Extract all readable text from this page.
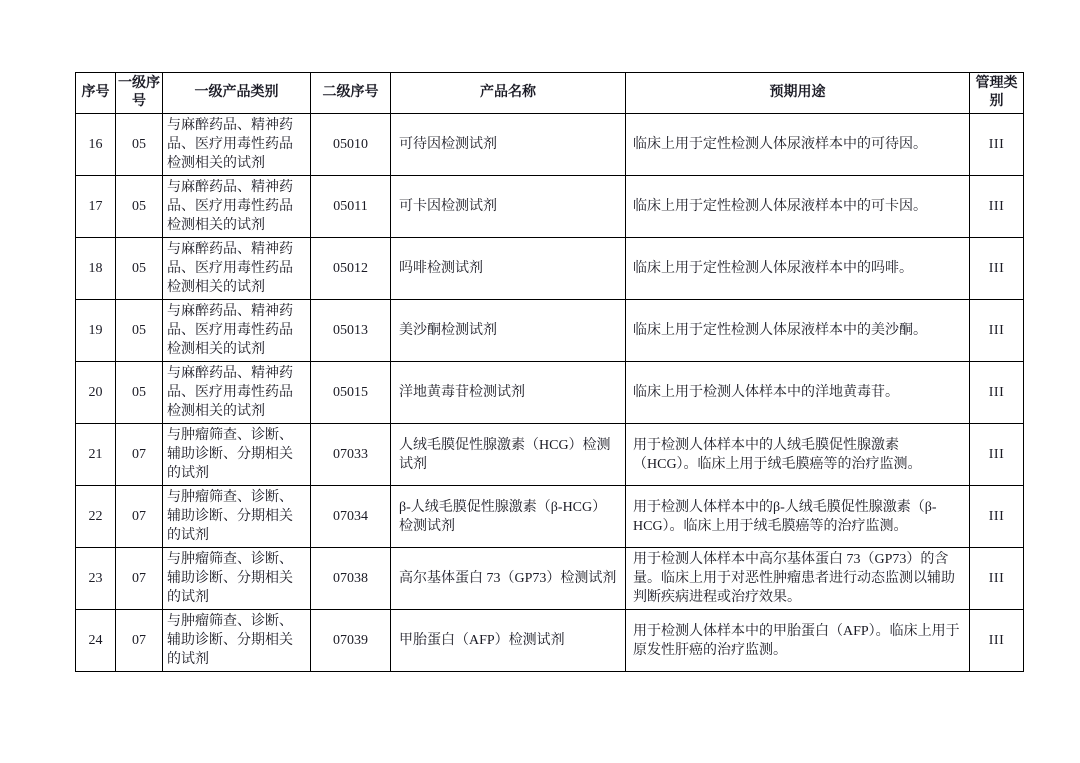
序号	一级序号	一级产品类别	二级序号	产品名称	预期用途	管理类别
16	05	与麻醉药品、精神药品、医疗用毒性药品检测相关的试剂	05010	可待因检测试剂	临床上用于定性检测人体尿液样本中的可待因。	III
17	05	与麻醉药品、精神药品、医疗用毒性药品检测相关的试剂	05011	可卡因检测试剂	临床上用于定性检测人体尿液样本中的可卡因。	III
18	05	与麻醉药品、精神药品、医疗用毒性药品检测相关的试剂	05012	吗啡检测试剂	临床上用于定性检测人体尿液样本中的吗啡。	III
19	05	与麻醉药品、精神药品、医疗用毒性药品检测相关的试剂	05013	美沙酮检测试剂	临床上用于定性检测人体尿液样本中的美沙酮。	III
20	05	与麻醉药品、精神药品、医疗用毒性药品检测相关的试剂	05015	洋地黄毒苷检测试剂	临床上用于检测人体样本中的洋地黄毒苷。	III
21	07	与肿瘤筛查、诊断、辅助诊断、分期相关的试剂	07033	人绒毛膜促性腺激素（HCG）检测试剂	用于检测人体样本中的人绒毛膜促性腺激素（HCG）。临床上用于绒毛膜癌等的治疗监测。	III
22	07	与肿瘤筛查、诊断、辅助诊断、分期相关的试剂	07034	β-人绒毛膜促性腺激素（β-HCG）检测试剂	用于检测人体样本中的β-人绒毛膜促性腺激素（β-HCG）。临床上用于绒毛膜癌等的治疗监测。	III
23	07	与肿瘤筛查、诊断、辅助诊断、分期相关的试剂	07038	高尔基体蛋白 73（GP73）检测试剂	用于检测人体样本中高尔基体蛋白 73（GP73）的含量。临床上用于对恶性肿瘤患者进行动态监测以辅助判断疾病进程或治疗效果。	III
24	07	与肿瘤筛查、诊断、辅助诊断、分期相关的试剂	07039	甲胎蛋白（AFP）检测试剂	用于检测人体样本中的甲胎蛋白（AFP）。临床上用于原发性肝癌的治疗监测。	III
